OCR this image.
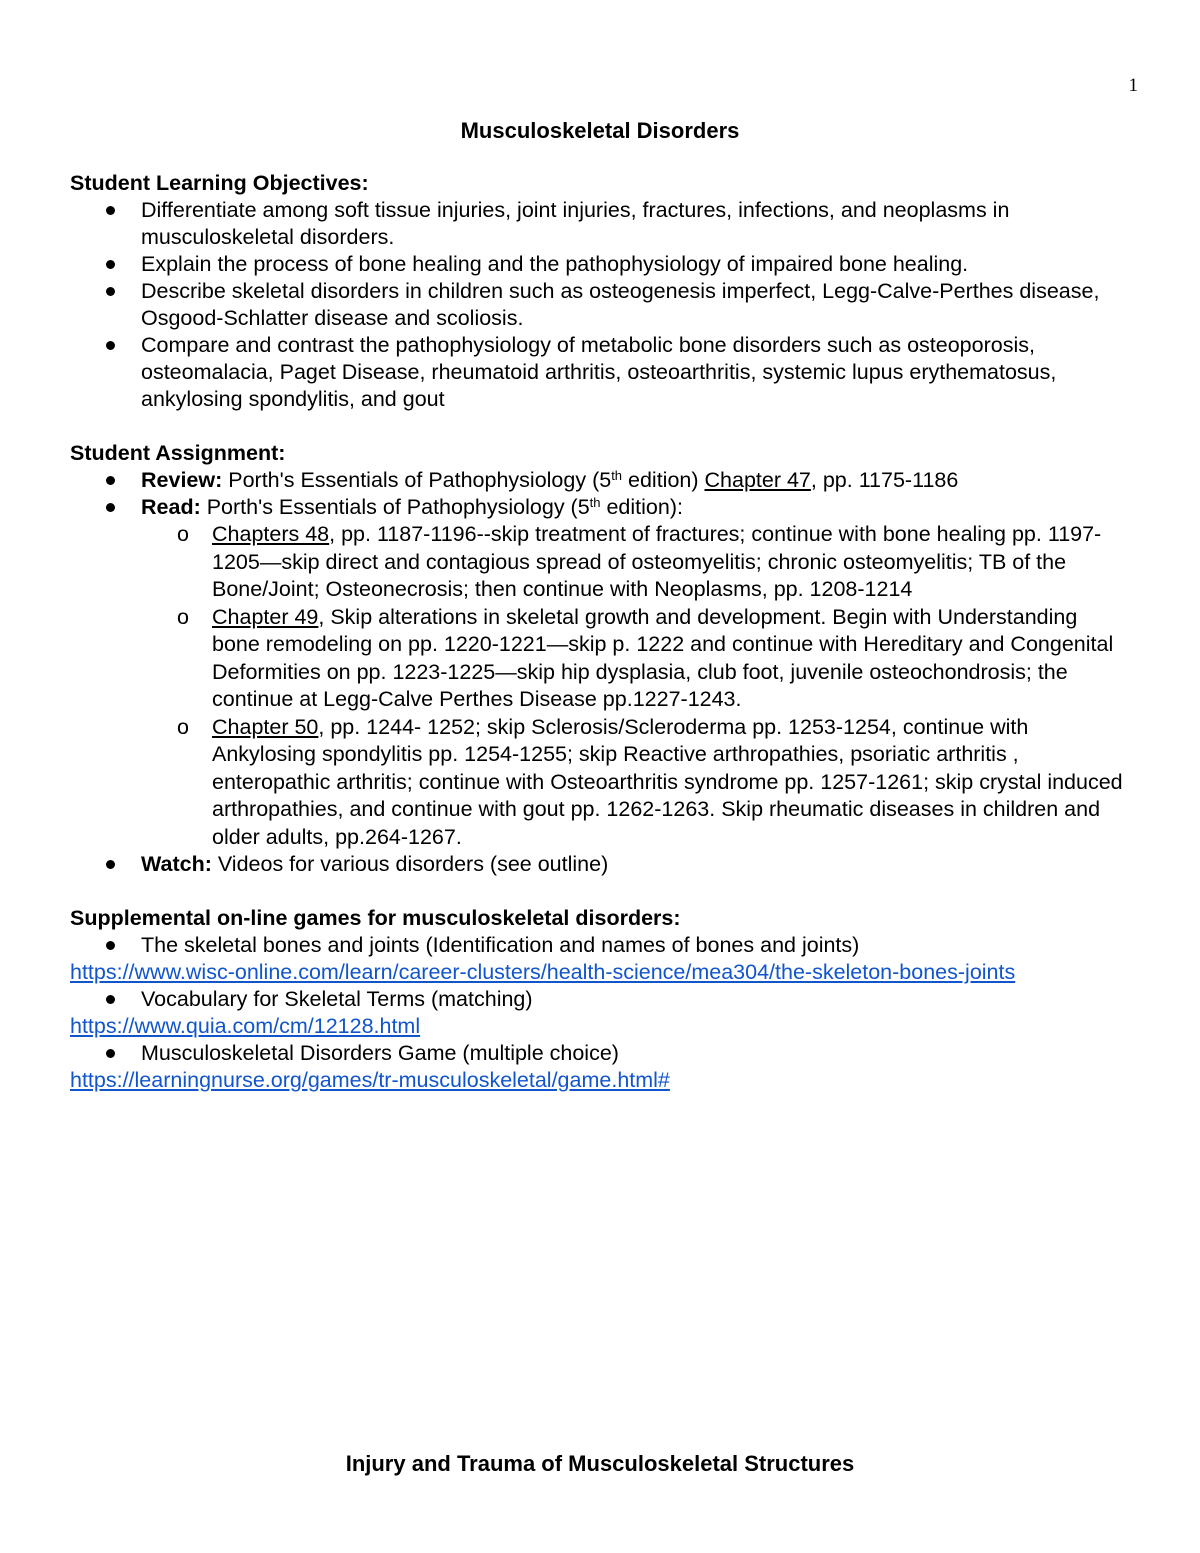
1
Musculoskeletal Disorders

Student Learning Objectives:

Differentiate among soft tissue injuries, joint injuries, fractures, infections, and neoplasms in musculoskeletal disorders.
Explain the process of bone healing and the pathophysiology of impaired bone healing.
Describe skeletal disorders in children such as osteogenesis imperfect, Legg-Calve-Perthes disease, Osgood-Schlatter disease and scoliosis.
Compare and contrast the pathophysiology of metabolic bone disorders such as osteoporosis, osteomalacia, Paget Disease, rheumatoid arthritis, osteoarthritis, systemic lupus erythematosus, ankylosing spondylitis, and gout

Student Assignment:

Review: Porth's Essentials of Pathophysiology (5th edition) Chapter 47, pp. 1175-1186
Read: Porth's Essentials of Pathophysiology (5th edition):
o Chapters 48, pp. 1187-1196--skip treatment of fractures; continue with bone healing pp. 1197-1205—skip direct and contagious spread of osteomyelitis; chronic osteomyelitis; TB of the Bone/Joint; Osteonecrosis; then continue with Neoplasms, pp. 1208-1214
o Chapter 49, Skip alterations in skeletal growth and development. Begin with Understanding bone remodeling on pp. 1220-1221—skip p. 1222 and continue with Hereditary and Congenital Deformities on pp. 1223-1225—skip hip dysplasia, club foot, juvenile osteochondrosis; the continue at Legg-Calve Perthes Disease pp.1227-1243.
o Chapter 50, pp. 1244- 1252; skip Sclerosis/Scleroderma pp. 1253-1254, continue with Ankylosing spondylitis pp. 1254-1255; skip Reactive arthropathies, psoriatic arthritis , enteropathic arthritis; continue with Osteoarthritis syndrome pp. 1257-1261; skip crystal induced arthropathies, and continue with gout pp. 1262-1263. Skip rheumatic diseases in children and older adults, pp.264-1267.
Watch: Videos for various disorders (see outline)

Supplemental on-line games for musculoskeletal disorders:

The skeletal bones and joints (Identification and names of bones and joints)
https://www.wisc-online.com/learn/career-clusters/health-science/mea304/the-skeleton-bones-joints
Vocabulary for Skeletal Terms (matching)
https://www.quia.com/cm/12128.html
Musculoskeletal Disorders Game (multiple choice)
https://learningnurse.org/games/tr-musculoskeletal/game.html#
Injury and Trauma of Musculoskeletal Structures
